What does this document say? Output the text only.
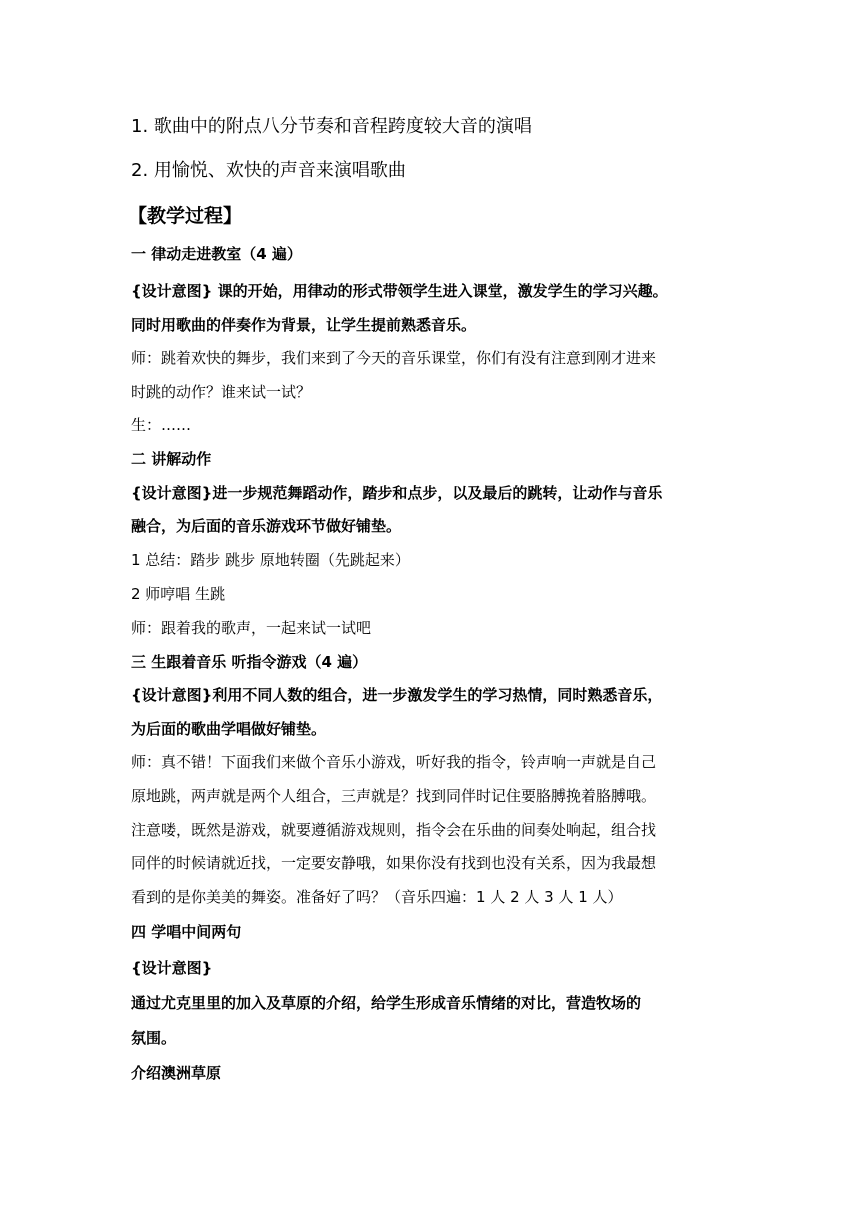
1. 歌曲中的附点八分节奏和音程跨度较大音的演唱
2. 用愉悦、欢快的声音来演唱歌曲
【教学过程】
一 律动走进教室（4 遍）
{设计意图} 课的开始，用律动的形式带领学生进入课堂，激发学生的学习兴趣。
同时用歌曲的伴奏作为背景，让学生提前熟悉音乐。
师：跳着欢快的舞步，我们来到了今天的音乐课堂，你们有没有注意到刚才进来
时跳的动作？谁来试一试？
生：……
二 讲解动作
{设计意图}进一步规范舞蹈动作，踏步和点步，以及最后的跳转，让动作与音乐
融合，为后面的音乐游戏环节做好铺垫。
1 总结：踏步 跳步 原地转圈（先跳起来）
2 师哼唱 生跳
师：跟着我的歌声，一起来试一试吧
三 生跟着音乐 听指令游戏（4 遍）
{设计意图}利用不同人数的组合，进一步激发学生的学习热情，同时熟悉音乐，
为后面的歌曲学唱做好铺垫。
师：真不错！下面我们来做个音乐小游戏，听好我的指令，铃声响一声就是自己
原地跳，两声就是两个人组合，三声就是？找到同伴时记住要胳膊挽着胳膊哦。
注意喽，既然是游戏，就要遵循游戏规则，指令会在乐曲的间奏处响起，组合找
同伴的时候请就近找，一定要安静哦，如果你没有找到也没有关系，因为我最想
看到的是你美美的舞姿。准备好了吗？（音乐四遍：1 人 2 人 3 人 1 人）
四 学唱中间两句
{设计意图}
通过尤克里里的加入及草原的介绍，给学生形成音乐情绪的对比，营造牧场的
氛围。
介绍澳洲草原
